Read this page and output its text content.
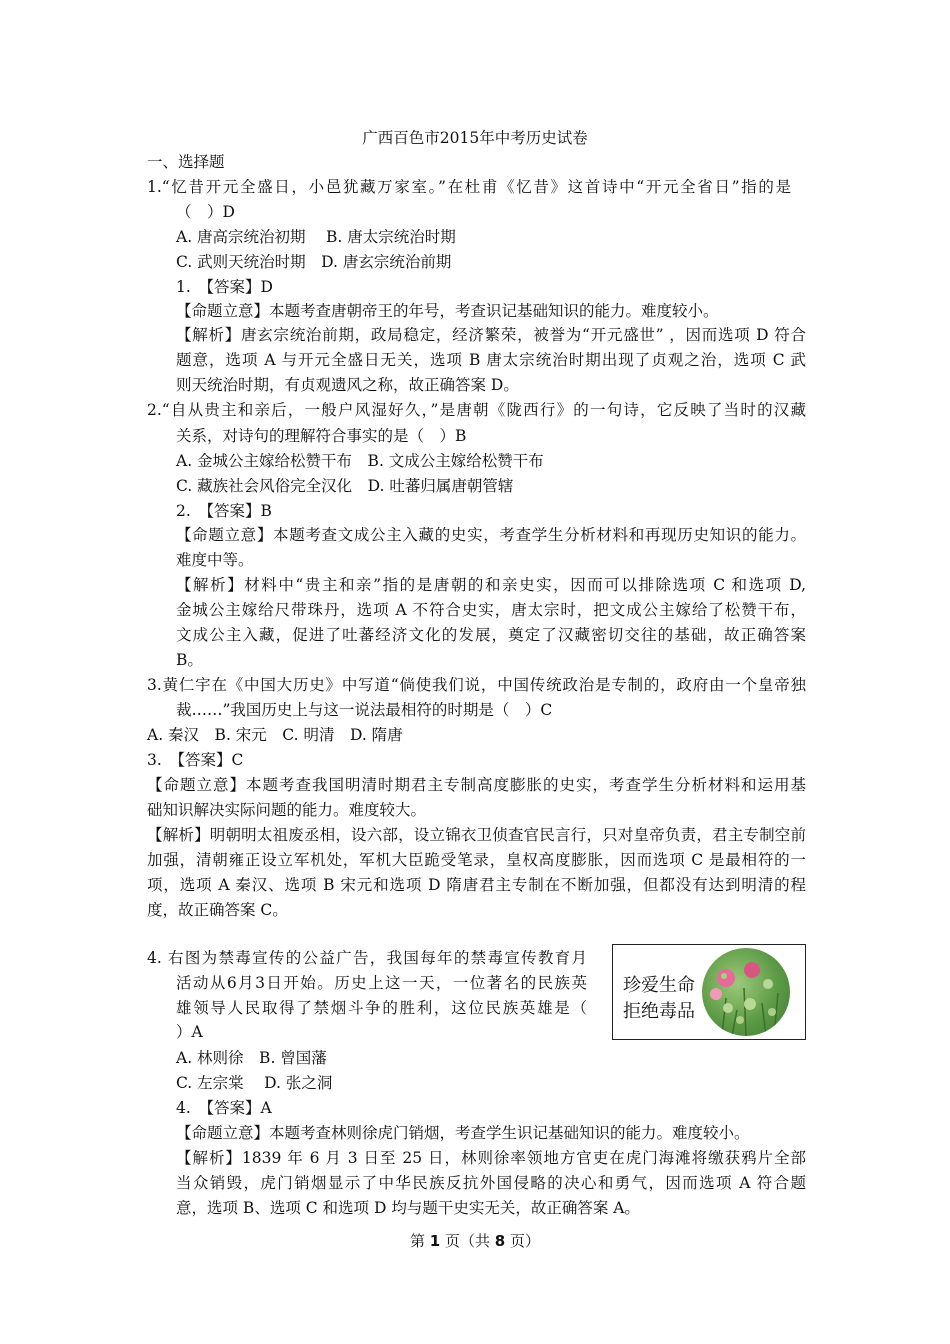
广西百色市2015年中考历史试卷
一、选择题
1.“忆昔开元全盛日，小邑犹藏万家室。”在杜甫《忆昔》这首诗中“开元全省日”指的是
（　）D
A. 唐高宗统治初期　 B. 唐太宗统治时期
C. 武则天统治时期　D. 唐玄宗统治前期
1.　【答案】D
【命题立意】本题考查唐朝帝王的年号，考查识记基础知识的能力。难度较小。
【解析】唐玄宗统治前期，政局稳定，经济繁荣，被誉为“开元盛世” ，因而选项 D 符合
题意，选项 A 与开元全盛日无关，选项 B 唐太宗统治时期出现了贞观之治，选项 C 武
则天统治时期，有贞观遗风之称，故正确答案 D。
2.“自从贵主和亲后，一般户风湿好久，”是唐朝《陇西行》的一句诗，它反映了当时的汉藏
关系，对诗句的理解符合事实的是（　）B
A. 金城公主嫁给松赞干布　B. 文成公主嫁给松赞干布
C. 藏族社会风俗完全汉化　D. 吐蕃归属唐朝管辖
2.　【答案】B
【命题立意】本题考查文成公主入藏的史实，考查学生分析材料和再现历史知识的能力。
难度中等。
【解析】材料中“贵主和亲”指的是唐朝的和亲史实，因而可以排除选项 C 和选项 D,
金城公主嫁给尺带珠丹，选项 A 不符合史实，唐太宗时，把文成公主嫁给了松赞干布，
文成公主入藏，促进了吐蕃经济文化的发展，奠定了汉藏密切交往的基础，故正确答案
B。
3.黄仁宇在《中国大历史》中写道“倘使我们说，中国传统政治是专制的，政府由一个皇帝独
裁……”我国历史上与这一说法最相符的时期是（　）C
A. 秦汉　B. 宋元　C. 明清　D. 隋唐
3.　【答案】C
【命题立意】本题考查我国明清时期君主专制高度膨胀的史实，考查学生分析材料和运用基
础知识解决实际问题的能力。难度较大。
【解析】明朝明太祖废丞相，设六部，设立锦衣卫侦查官民言行，只对皇帝负责，君主专制空前
加强，清朝雍正设立军机处，军机大臣跪受笔录，皇权高度膨胀，因而选项 C 是最相符的一
项，选项 A 秦汉、选项 B 宋元和选项 D 隋唐君主专制在不断加强，但都没有达到明清的程
度，故正确答案 C。
4. 右图为禁毒宣传的公益广告，我国每年的禁毒宣传教育月
活动从6月3日开始。历史上这一天，一位著名的民族英
雄领导人民取得了禁烟斗争的胜利，这位民族英雄是（
）A
A. 林则徐　B. 曾国藩
C. 左宗棠　 D. 张之洞
4.　【答案】A
【命题立意】本题考查林则徐虎门销烟，考查学生识记基础知识的能力。难度较小。
【解析】1839 年 6 月 3 日至 25 日，林则徐率领地方官吏在虎门海滩将缴获鸦片全部
当众销毁，虎门销烟显示了中华民族反抗外国侵略的决心和勇气，因而选项 A 符合题
意，选项 B、选项 C 和选项 D 均与题干史实无关，故正确答案 A。
珍爱生命
拒绝毒品
第 1 页（共 8 页）
